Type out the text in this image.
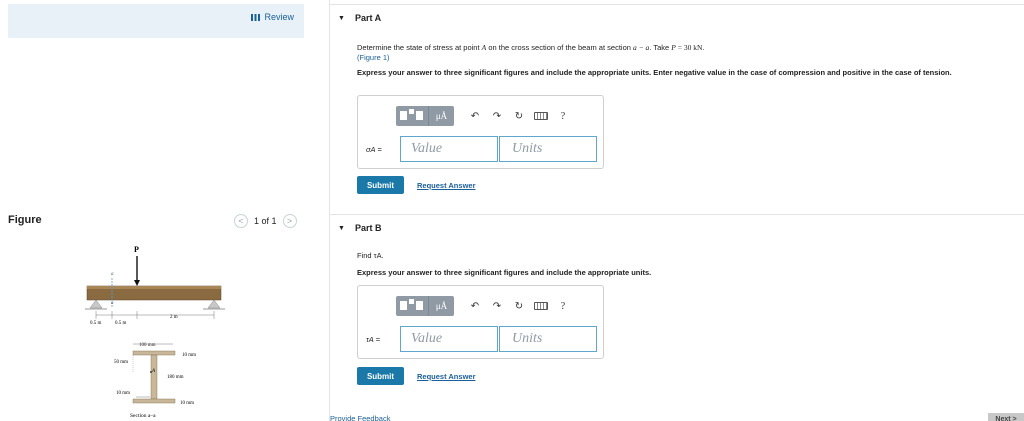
Review
Figure	<	1 of 1	>
P
a
a
0.5 m	0.5 m
2 m
100 mm
A
50 mm
10 mm
180 mm
10 mm
10 mm
Section a–a
▼ Part A
Determine the state of stress at point A on the cross section of the beam at section a − a. Take P = 30 kN.
(Figure 1)
Express your answer to three significant figures and include the appropriate units. Enter negative value in the case of compression and positive in the case of tension.
μÅ	↶	↷	↻	?
σA =	Value	Units
Submit	Request Answer
▼ Part B
Find τA.
Express your answer to three significant figures and include the appropriate units.
μÅ	↶	↷	↻	?
τA =	Value	Units
Submit	Request Answer
Provide Feedback	Next >
